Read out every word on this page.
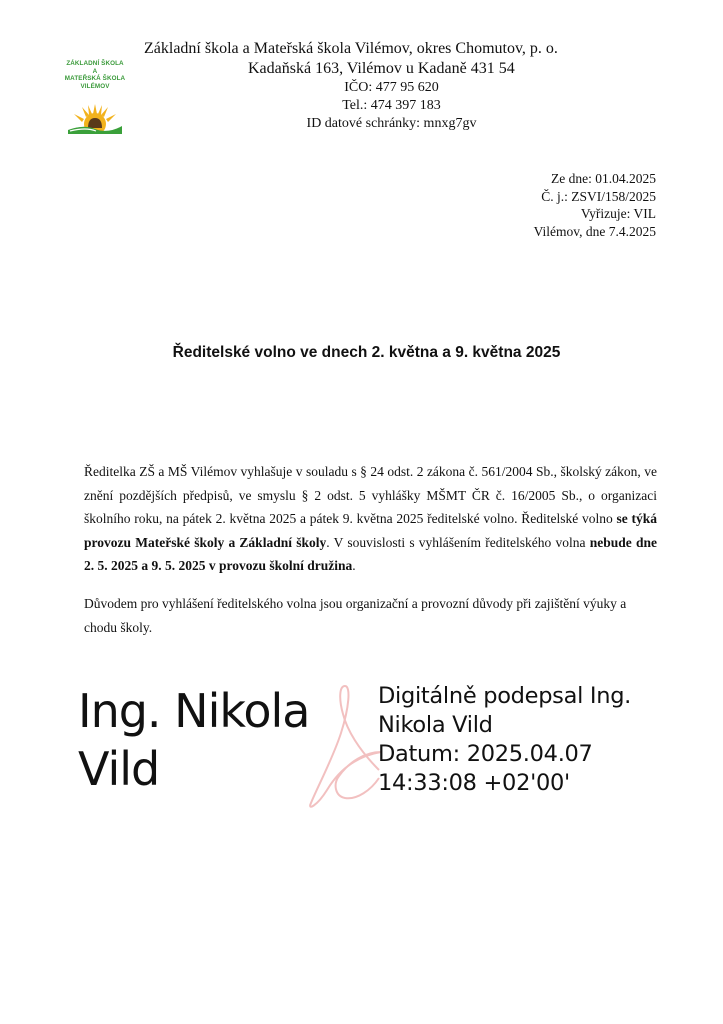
ZÁKLADNÍ ŠKOLA
A
MATEŘSKÁ ŠKOLA
VILÉMOV
Základní škola a Mateřská škola Vilémov, okres Chomutov, p. o.
Kadaňská 163, Vilémov u Kadaně 431 54
IČO: 477 95 620
Tel.: 474 397 183
ID datové schránky: mnxg7gv
Ze dne: 01.04.2025
Č. j.: ZSVI/158/2025
Vyřizuje: VIL
Vilémov, dne 7.4.2025
Ředitelské volno ve dnech 2. května a 9. května 2025
Ředitelka ZŠ a MŠ Vilémov vyhlašuje v souladu s § 24 odst. 2 zákona č. 561/2004 Sb., školský zákon, ve znění pozdějších předpisů, ve smyslu § 2 odst. 5 vyhlášky MŠMT ČR č. 16/2005 Sb., o organizaci školního roku, na pátek 2. května 2025 a pátek 9. května 2025 ředitelské volno. Ředitelské volno se týká provozu Mateřské školy a Základní školy. V souvislosti s vyhlášením ředitelského volna nebude dne 2. 5. 2025 a 9. 5. 2025 v provozu školní družina.
Důvodem pro vyhlášení ředitelského volna jsou organizační a provozní důvody při zajištění výuky a chodu školy.
Ing. Nikola
Vild
Digitálně podepsal Ing.
Nikola Vild
Datum: 2025.04.07
14:33:08 +02'00'
